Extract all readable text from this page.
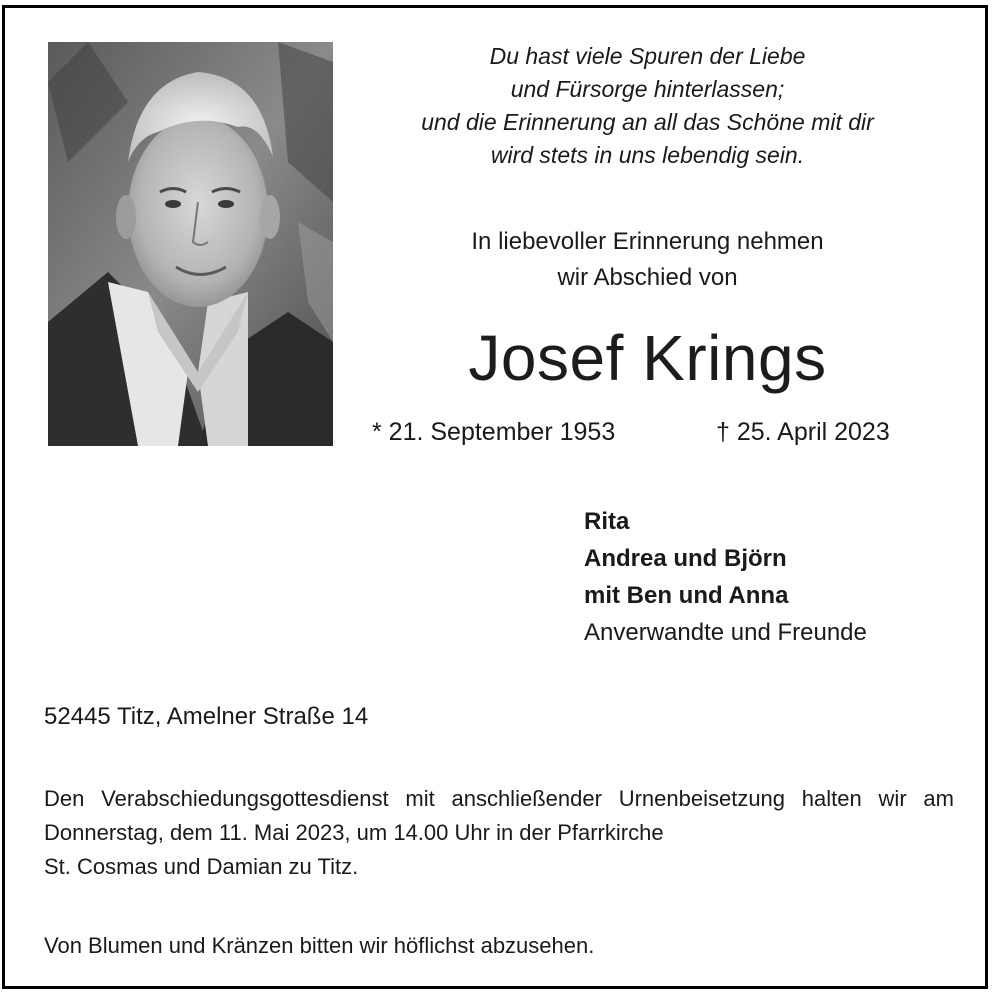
Du hast viele Spuren der Liebe
und Fürsorge hinterlassen;
und die Erinnerung an all das Schöne mit dir
wird stets in uns lebendig sein.
In liebevoller Erinnerung nehmen
wir Abschied von
Josef Krings
* 21. September 1953	† 25. April 2023
Rita
Andrea und Björn
mit Ben und Anna
Anverwandte und Freunde
52445 Titz, Amelner Straße 14
Den Verabschiedungsgottesdienst mit anschließender Urnenbeisetzung halten wir am Donnerstag, dem 11. Mai 2023, um 14.00 Uhr in der Pfarrkirche
St. Cosmas und Damian zu Titz.
Von Blumen und Kränzen bitten wir höflichst abzusehen.
